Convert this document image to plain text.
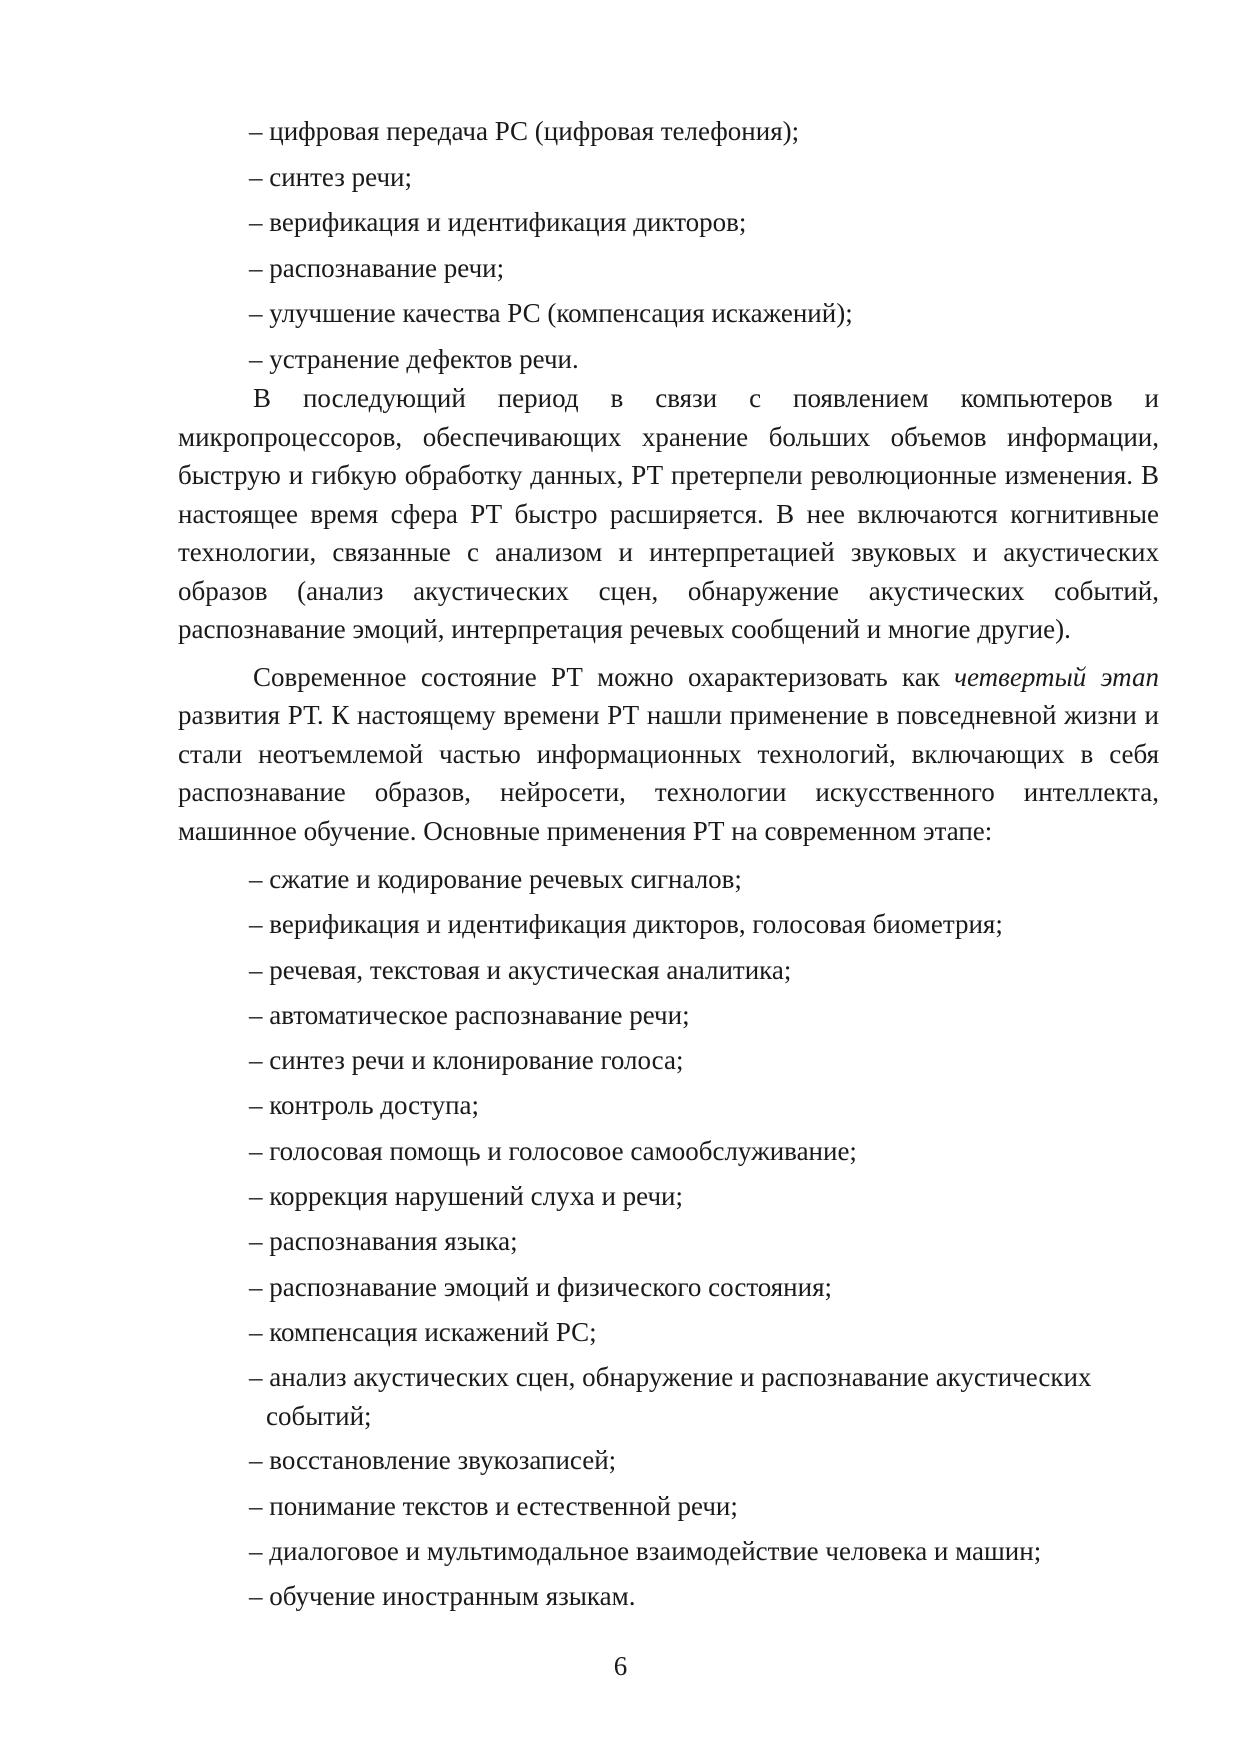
– цифровая передача РС (цифровая телефония);
– синтез речи;
– верификация и идентификация дикторов;
– распознавание речи;
– улучшение качества РС (компенсация искажений);
– устранение дефектов речи.

В последующий период в связи с появлением компьютеров и микропроцессоров, обеспечивающих хранение больших объемов информации, быструю и гибкую обработку данных, РТ претерпели революционные изменения. В настоящее время сфера РТ быстро расширяется. В нее включаются когнитивные технологии, связанные с анализом и интерпретацией звуковых и акустических образов (анализ акустических сцен, обнаружение акустических событий, распознавание эмоций, интерпретация речевых сообщений и многие другие).

Современное состояние РТ можно охарактеризовать как четвертый этап развития РТ. К настоящему времени РТ нашли применение в повседневной жизни и стали неотъемлемой частью информационных технологий, включающих в себя распознавание образов, нейросети, технологии искусственного интеллекта, машинное обучение. Основные применения РТ на современном этапе:

– сжатие и кодирование речевых сигналов;
– верификация и идентификация дикторов, голосовая биометрия;
– речевая, текстовая и акустическая аналитика;
– автоматическое распознавание речи;
– синтез речи и клонирование голоса;
– контроль доступа;
– голосовая помощь и голосовое самообслуживание;
– коррекция нарушений слуха и речи;
– распознавания языка;
– распознавание эмоций и физического состояния;
– компенсация искажений РС;
– анализ акустических сцен, обнаружение и распознавание акустических событий;
– восстановление звукозаписей;
– понимание текстов и естественной речи;
– диалоговое и мультимодальное взаимодействие человека и машин;
– обучение иностранным языкам.
6
